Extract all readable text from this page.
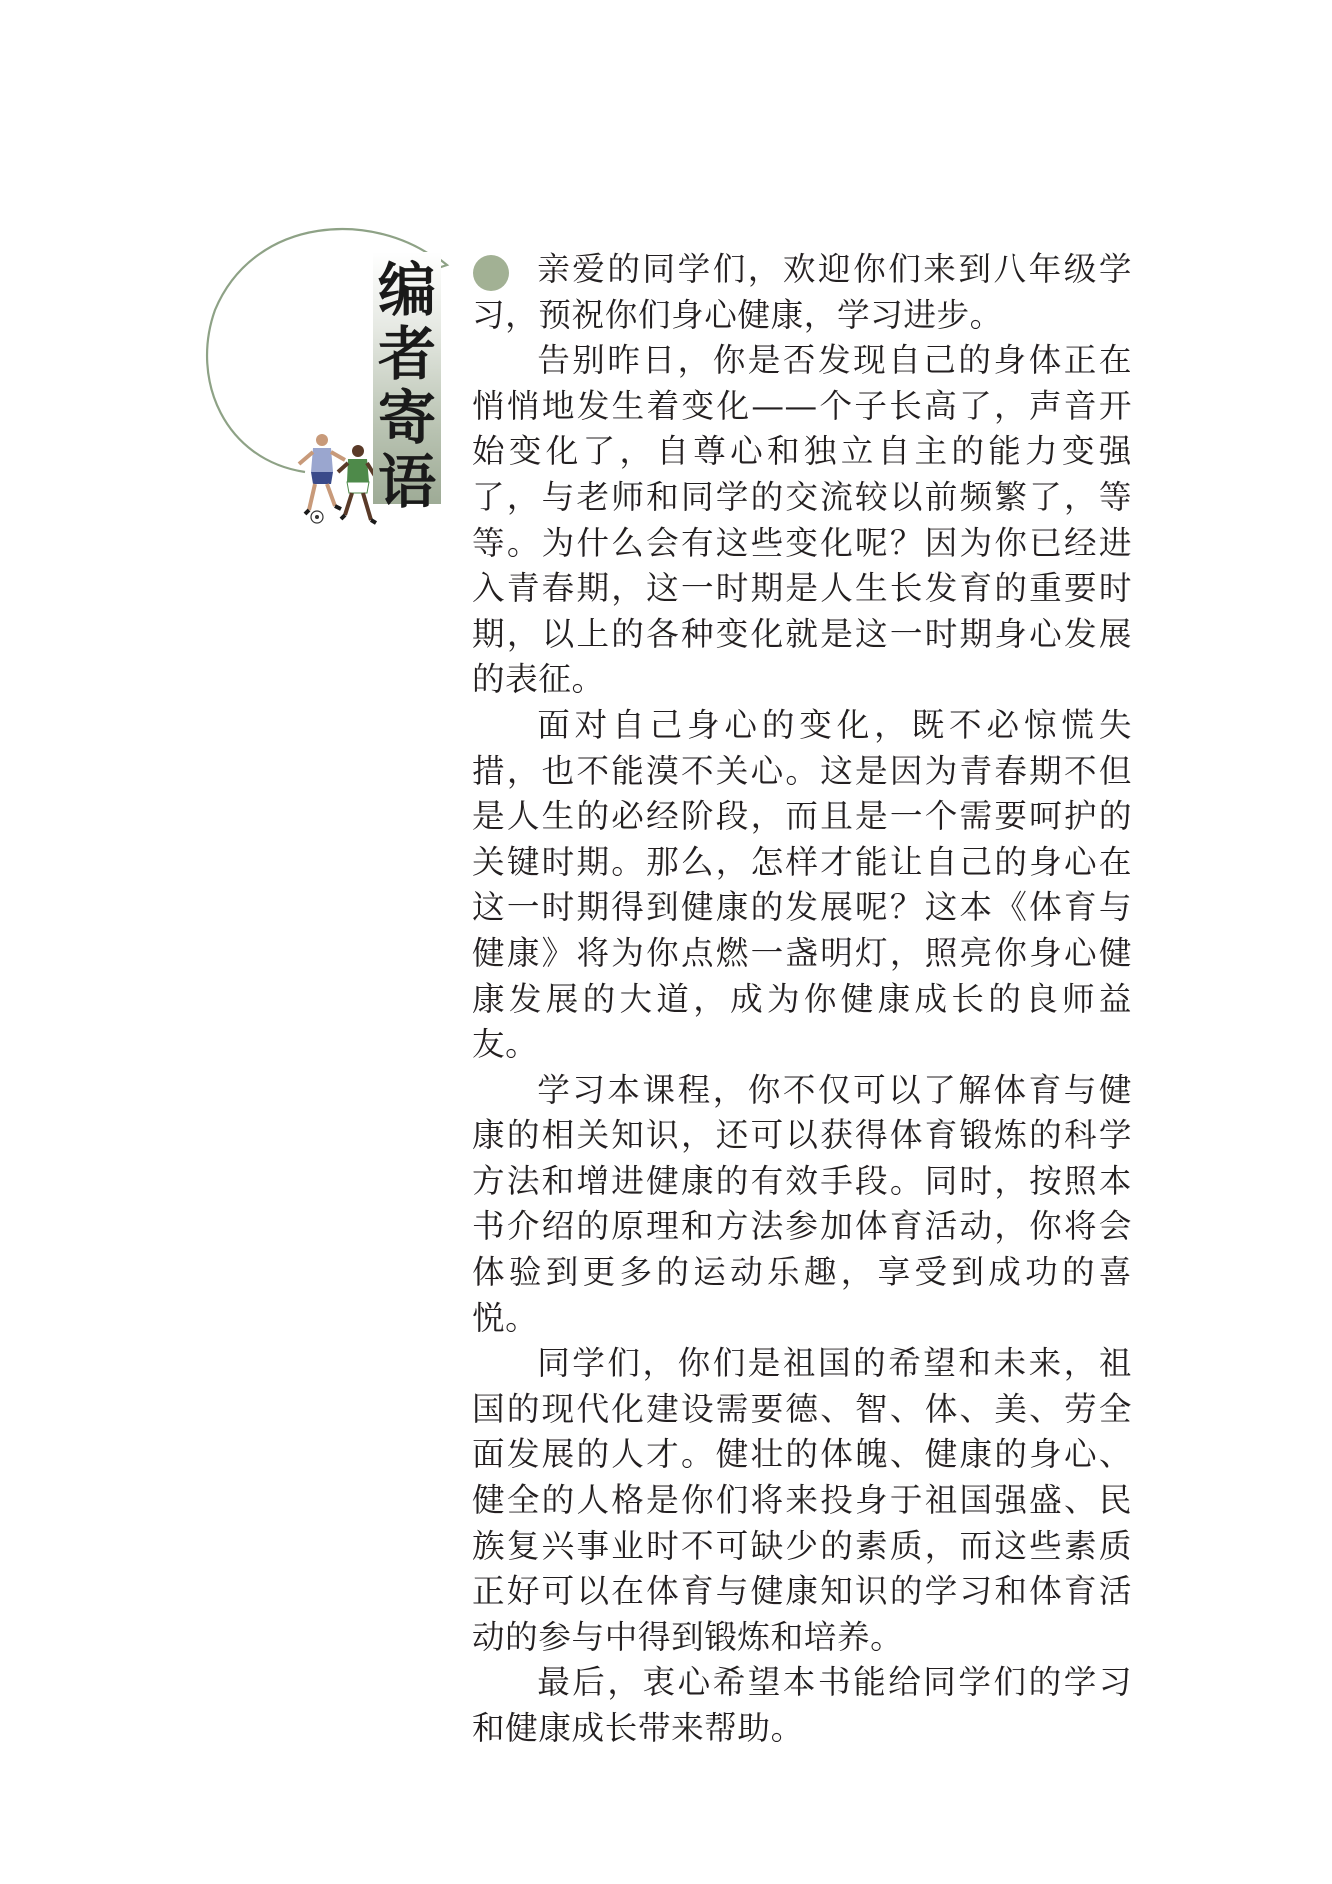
编者寄语

亲爱的同学们，欢迎你们来到八年级学习，预祝你们身心健康，学习进步。

告别昨日，你是否发现自己的身体正在悄悄地发生着变化——个子长高了，声音开始变化了，自尊心和独立自主的能力变强了，与老师和同学的交流较以前频繁了，等等。为什么会有这些变化呢？因为你已经进入青春期，这一时期是人生长发育的重要时期，以上的各种变化就是这一时期身心发展的表征。

面对自己身心的变化，既不必惊慌失措，也不能漠不关心。这是因为青春期不但是人生的必经阶段，而且是一个需要呵护的关键时期。那么，怎样才能让自己的身心在这一时期得到健康的发展呢？这本《体育与健康》将为你点燃一盏明灯，照亮你身心健康发展的大道，成为你健康成长的良师益友。

学习本课程，你不仅可以了解体育与健康的相关知识，还可以获得体育锻炼的科学方法和增进健康的有效手段。同时，按照本书介绍的原理和方法参加体育活动，你将会体验到更多的运动乐趣，享受到成功的喜悦。

同学们，你们是祖国的希望和未来，祖国的现代化建设需要德、智、体、美、劳全面发展的人才。健壮的体魄、健康的身心、健全的人格是你们将来投身于祖国强盛、民族复兴事业时不可缺少的素质，而这些素质正好可以在体育与健康知识的学习和体育活动的参与中得到锻炼和培养。

最后，衷心希望本书能给同学们的学习和健康成长带来帮助。
